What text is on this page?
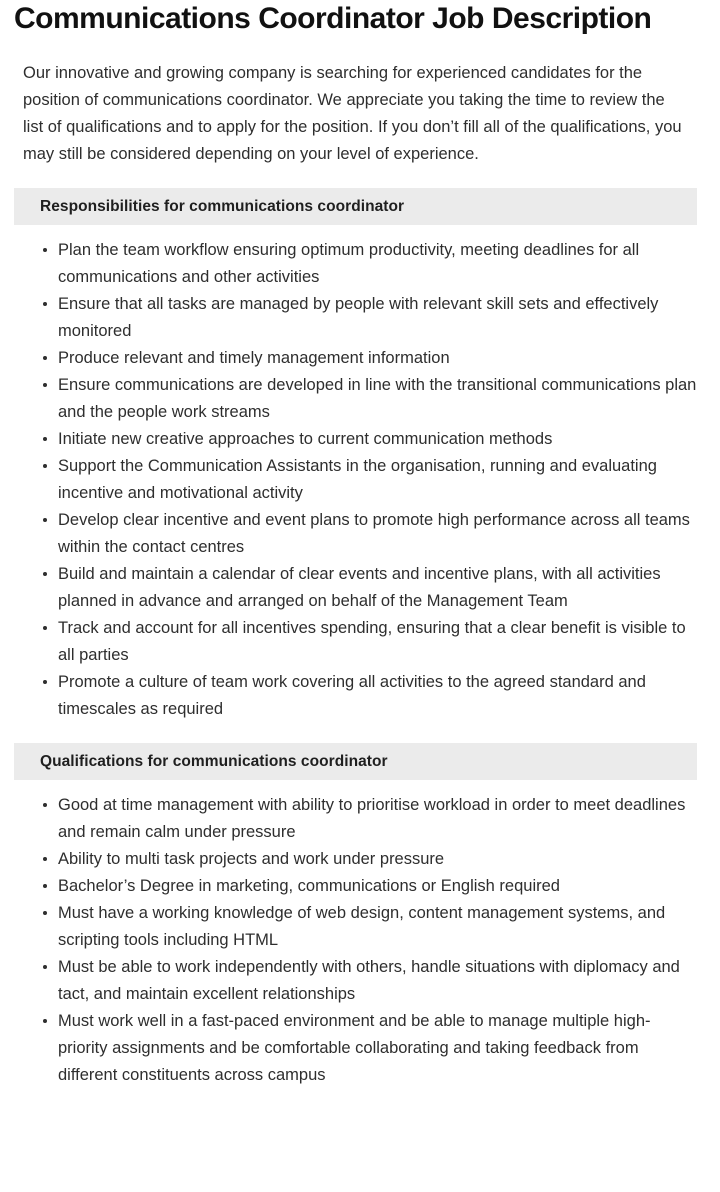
Communications Coordinator Job Description

Our innovative and growing company is searching for experienced candidates for the position of communications coordinator. We appreciate you taking the time to review the list of qualifications and to apply for the position. If you don’t fill all of the qualifications, you may still be considered depending on your level of experience.

Responsibilities for communications coordinator
Plan the team workflow ensuring optimum productivity, meeting deadlines for all communications and other activities
Ensure that all tasks are managed by people with relevant skill sets and effectively monitored
Produce relevant and timely management information
Ensure communications are developed in line with the transitional communications plan and the people work streams
Initiate new creative approaches to current communication methods
Support the Communication Assistants in the organisation, running and evaluating incentive and motivational activity
Develop clear incentive and event plans to promote high performance across all teams within the contact centres
Build and maintain a calendar of clear events and incentive plans, with all activities planned in advance and arranged on behalf of the Management Team
Track and account for all incentives spending, ensuring that a clear benefit is visible to all parties
Promote a culture of team work covering all activities to the agreed standard and timescales as required
Qualifications for communications coordinator
Good at time management with ability to prioritise workload in order to meet deadlines and remain calm under pressure
Ability to multi task projects and work under pressure
Bachelor’s Degree in marketing, communications or English required
Must have a working knowledge of web design, content management systems, and scripting tools including HTML
Must be able to work independently with others, handle situations with diplomacy and tact, and maintain excellent relationships
Must work well in a fast-paced environment and be able to manage multiple high-priority assignments and be comfortable collaborating and taking feedback from different constituents across campus
